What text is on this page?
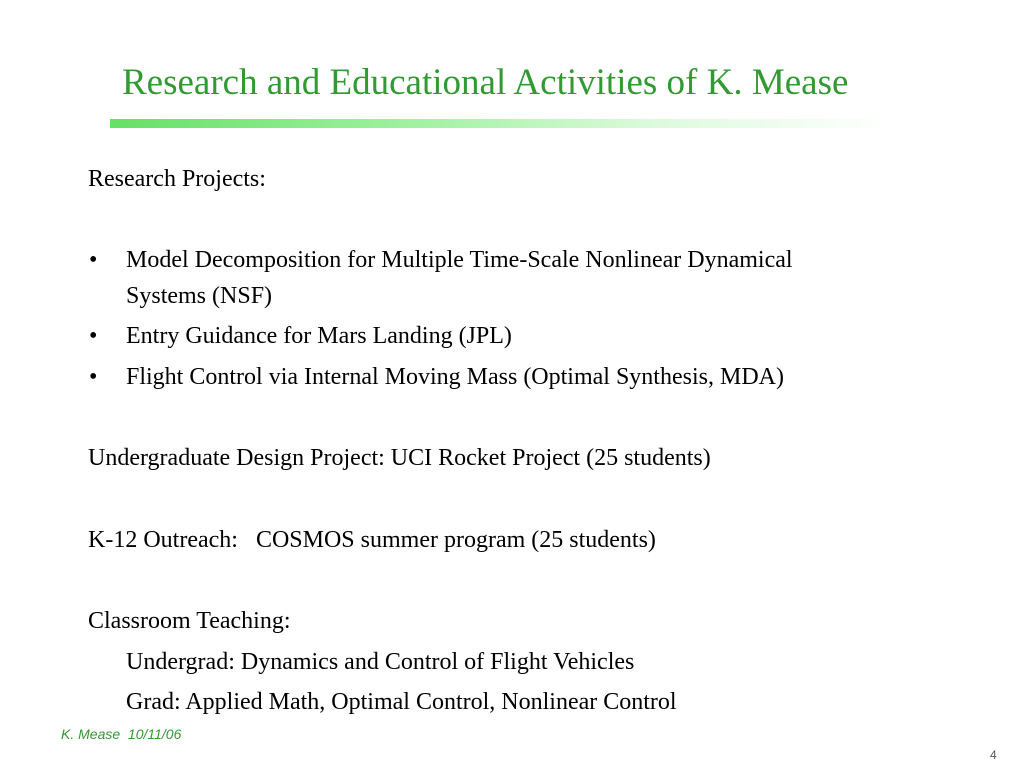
Research and Educational Activities of K. Mease
Research Projects:
• Model Decomposition for Multiple Time-Scale Nonlinear Dynamical
Systems (NSF)
• Entry Guidance for Mars Landing (JPL)
• Flight Control via Internal Moving Mass (Optimal Synthesis, MDA)
Undergraduate Design Project: UCI Rocket Project (25 students)
K-12 Outreach:   COSMOS summer program (25 students)
Classroom Teaching:
Undergrad: Dynamics and Control of Flight Vehicles
Grad: Applied Math, Optimal Control, Nonlinear Control
K. Mease  10/11/06
4
